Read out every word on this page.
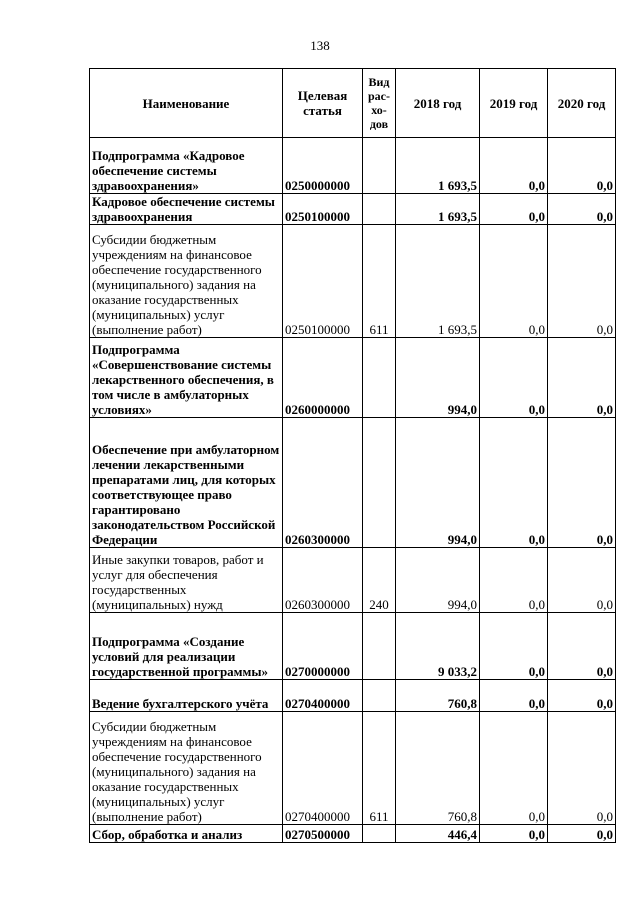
138
Наименование	Целевая статья	Вид рас- хо- дов	2018 год	2019 год	2020 год
Подпрограмма «Кадровое обеспечение системы здравоохранения»	0250000000		1 693,5	0,0	0,0
Кадровое обеспечение системы здравоохранения	0250100000		1 693,5	0,0	0,0
Субсидии бюджетным учреждениям на финансовое обеспечение государственного (муниципального) задания на оказание государственных (муниципальных) услуг (выполнение работ)	0250100000	611	1 693,5	0,0	0,0
Подпрограмма «Совершенствование системы лекарственного обеспечения, в том числе в амбулаторных условиях»	0260000000		994,0	0,0	0,0
Обеспечение при амбулаторном лечении лекарственными препаратами лиц, для которых соответствующее право гарантировано законодательством Российской Федерации	0260300000		994,0	0,0	0,0
Иные закупки товаров, работ и услуг для обеспечения государственных (муниципальных) нужд	0260300000	240	994,0	0,0	0,0
Подпрограмма «Создание условий для реализации государственной программы»	0270000000		9 033,2	0,0	0,0
Ведение бухгалтерского учёта	0270400000		760,8	0,0	0,0
Субсидии бюджетным учреждениям на финансовое обеспечение государственного (муниципального) задания на оказание государственных (муниципальных) услуг (выполнение работ)	0270400000	611	760,8	0,0	0,0
Сбор, обработка и анализ	0270500000		446,4	0,0	0,0
